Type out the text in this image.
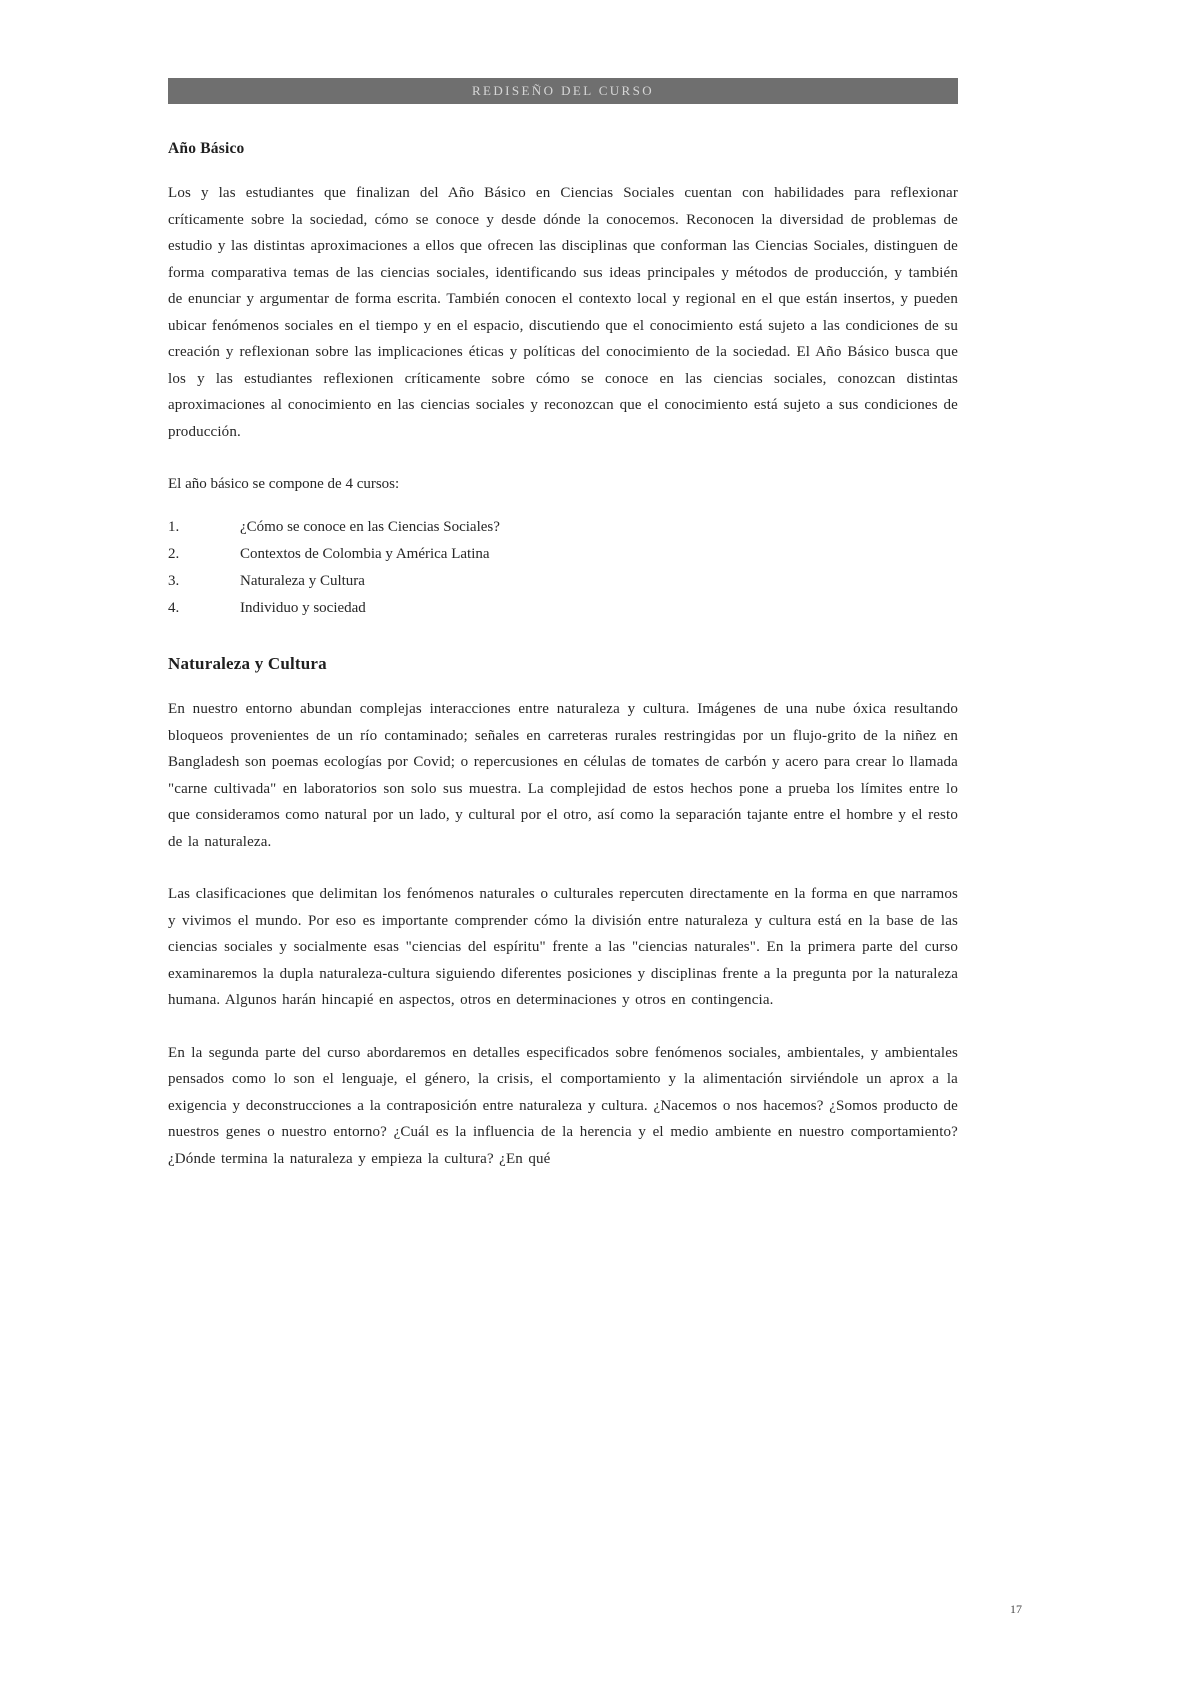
REDISEÑO DEL CURSO
Año Básico

Los y las estudiantes que finalizan del Año Básico en Ciencias Sociales cuentan con habilidades para reflexionar críticamente sobre la sociedad, cómo se conoce y desde dónde la conocemos. Reconocen la diversidad de problemas de estudio y las distintas aproximaciones a ellos que ofrecen las disciplinas que conforman las Ciencias Sociales, distinguen de forma comparativa temas de las ciencias sociales, identificando sus ideas principales y métodos de producción, y también de enunciar y argumentar de forma escrita. También conocen el contexto local y regional en el que están insertos, y pueden ubicar fenómenos sociales en el tiempo y en el espacio, discutiendo que el conocimiento está sujeto a las condiciones de su creación y reflexionan sobre las implicaciones éticas y políticas del conocimiento de la sociedad. El Año Básico busca que los y las estudiantes reflexionen críticamente sobre cómo se conoce en las ciencias sociales, conozcan distintas aproximaciones al conocimiento en las ciencias sociales y reconozcan que el conocimiento está sujeto a sus condiciones de producción.

El año básico se compone de 4 cursos:

1.	¿Cómo se conoce en las Ciencias Sociales?
2.	Contextos de Colombia y América Latina
3.	Naturaleza y Cultura
4.	Individuo y sociedad
Naturaleza y Cultura

En nuestro entorno abundan complejas interacciones entre naturaleza y cultura. Imágenes de una nube óxica resultando bloqueos provenientes de un río contaminado; señales en carreteras rurales restringidas por un flujo-grito de la niñez en Bangladesh son poemas ecologías por Covid; o repercusiones en células de tomates de carbón y acero para crear lo llamada "carne cultivada" en laboratorios son solo sus muestra. La complejidad de estos hechos pone a prueba los límites entre lo que consideramos como natural por un lado, y cultural por el otro, así como la separación tajante entre el hombre y el resto de la naturaleza.

Las clasificaciones que delimitan los fenómenos naturales o culturales repercuten directamente en la forma en que narramos y vivimos el mundo. Por eso es importante comprender cómo la división entre naturaleza y cultura está en la base de las ciencias sociales y socialmente esas "ciencias del espíritu" frente a las "ciencias naturales". En la primera parte del curso examinaremos la dupla naturaleza-cultura siguiendo diferentes posiciones y disciplinas frente a la pregunta por la naturaleza humana. Algunos harán hincapié en aspectos, otros en determinaciones y otros en contingencia.

En la segunda parte del curso abordaremos en detalles especificados sobre fenómenos sociales, ambientales, y ambientales pensados como lo son el lenguaje, el género, la crisis, el comportamiento y la alimentación sirviéndole un aprox a la exigencia y deconstrucciones a la contraposición entre naturaleza y cultura. ¿Nacemos o nos hacemos? ¿Somos producto de nuestros genes o nuestro entorno? ¿Cuál es la influencia de la herencia y el medio ambiente en nuestro comportamiento? ¿Dónde termina la naturaleza y empieza la cultura? ¿En qué

17
